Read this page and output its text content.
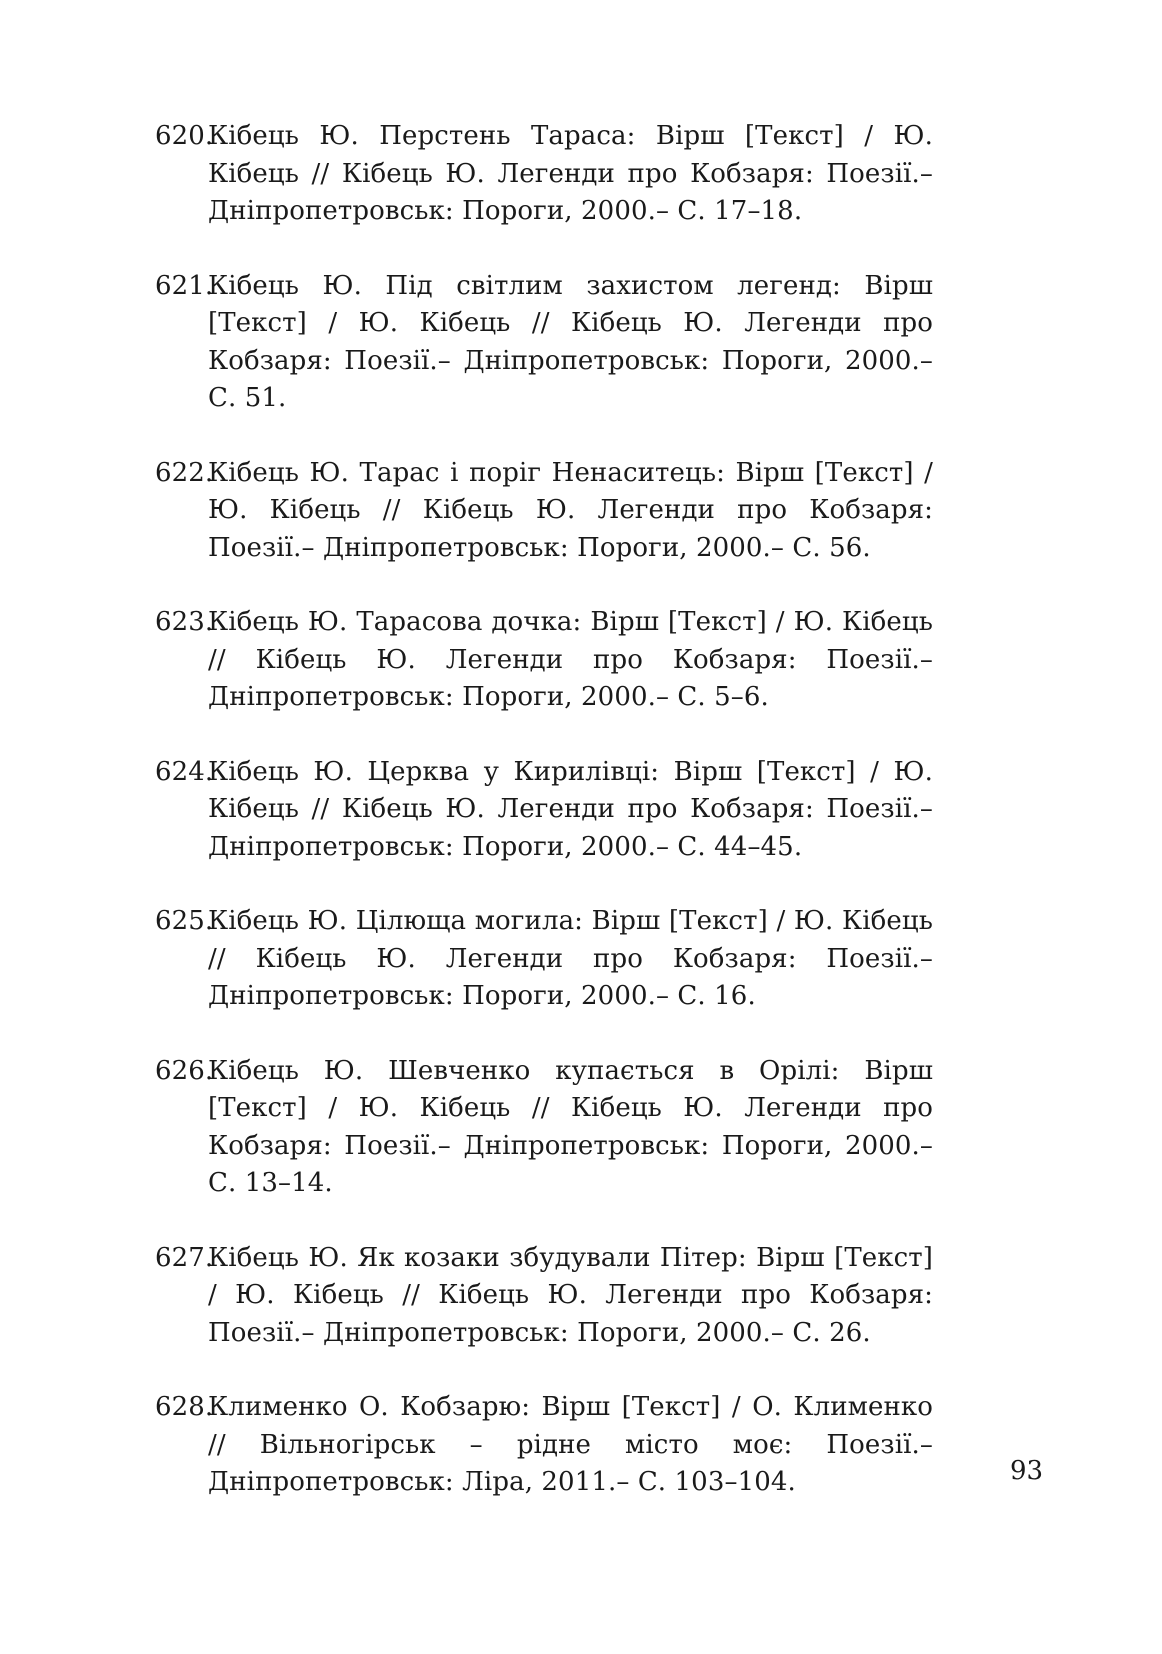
620.
Кібець Ю. Перстень Тараса: Вірш [Текст] / Ю. Кібець // Кібець Ю. Легенди про Кобзаря: Поезії.– Дніпропетровськ: Пороги, 2000.– С. 17–18.
621.
Кібець Ю. Під світлим захистом легенд: Вірш [Текст] / Ю. Кібець // Кібець Ю. Легенди про Кобзаря: Поезії.– Дніпропетровськ: Пороги, 2000.– С. 51.
622.
Кібець Ю. Тарас і поріг Ненаситець: Вірш [Текст] / Ю. Кібець // Кібець Ю. Легенди про Кобзаря: Поезії.– Дніпропетровськ: Пороги, 2000.– С. 56.
623.
Кібець Ю. Тарасова дочка: Вірш [Текст] / Ю. Кібець // Кібець Ю. Легенди про Кобзаря: Поезії.– Дніпропетровськ: Пороги, 2000.– С. 5–6.
624.
Кібець Ю. Церква у Кирилівці: Вірш [Текст] / Ю. Кібець // Кібець Ю. Легенди про Кобзаря: Поезії.– Дніпропетровськ: Пороги, 2000.– С. 44–45.
625.
Кібець Ю. Цілюща могила: Вірш [Текст] / Ю. Кібець // Кібець Ю. Легенди про Кобзаря: Поезії.– Дніпропетровськ: Пороги, 2000.– С. 16.
626.
Кібець Ю. Шевченко купається в Орілі: Вірш [Текст] / Ю. Кібець // Кібець Ю. Легенди про Кобзаря: Поезії.– Дніпропетровськ: Пороги, 2000.– С. 13–14.
627.
Кібець Ю. Як козаки збудували Пітер: Вірш [Текст] / Ю. Кібець // Кібець Ю. Легенди про Кобзаря: Поезії.– Дніпропетровськ: Пороги, 2000.– С. 26.
628.
Клименко О. Кобзарю: Вірш [Текст] / О. Клименко // Вільногірськ – рідне місто моє: Поезії.– Дніпропетровськ: Ліра, 2011.– С. 103–104.	93
